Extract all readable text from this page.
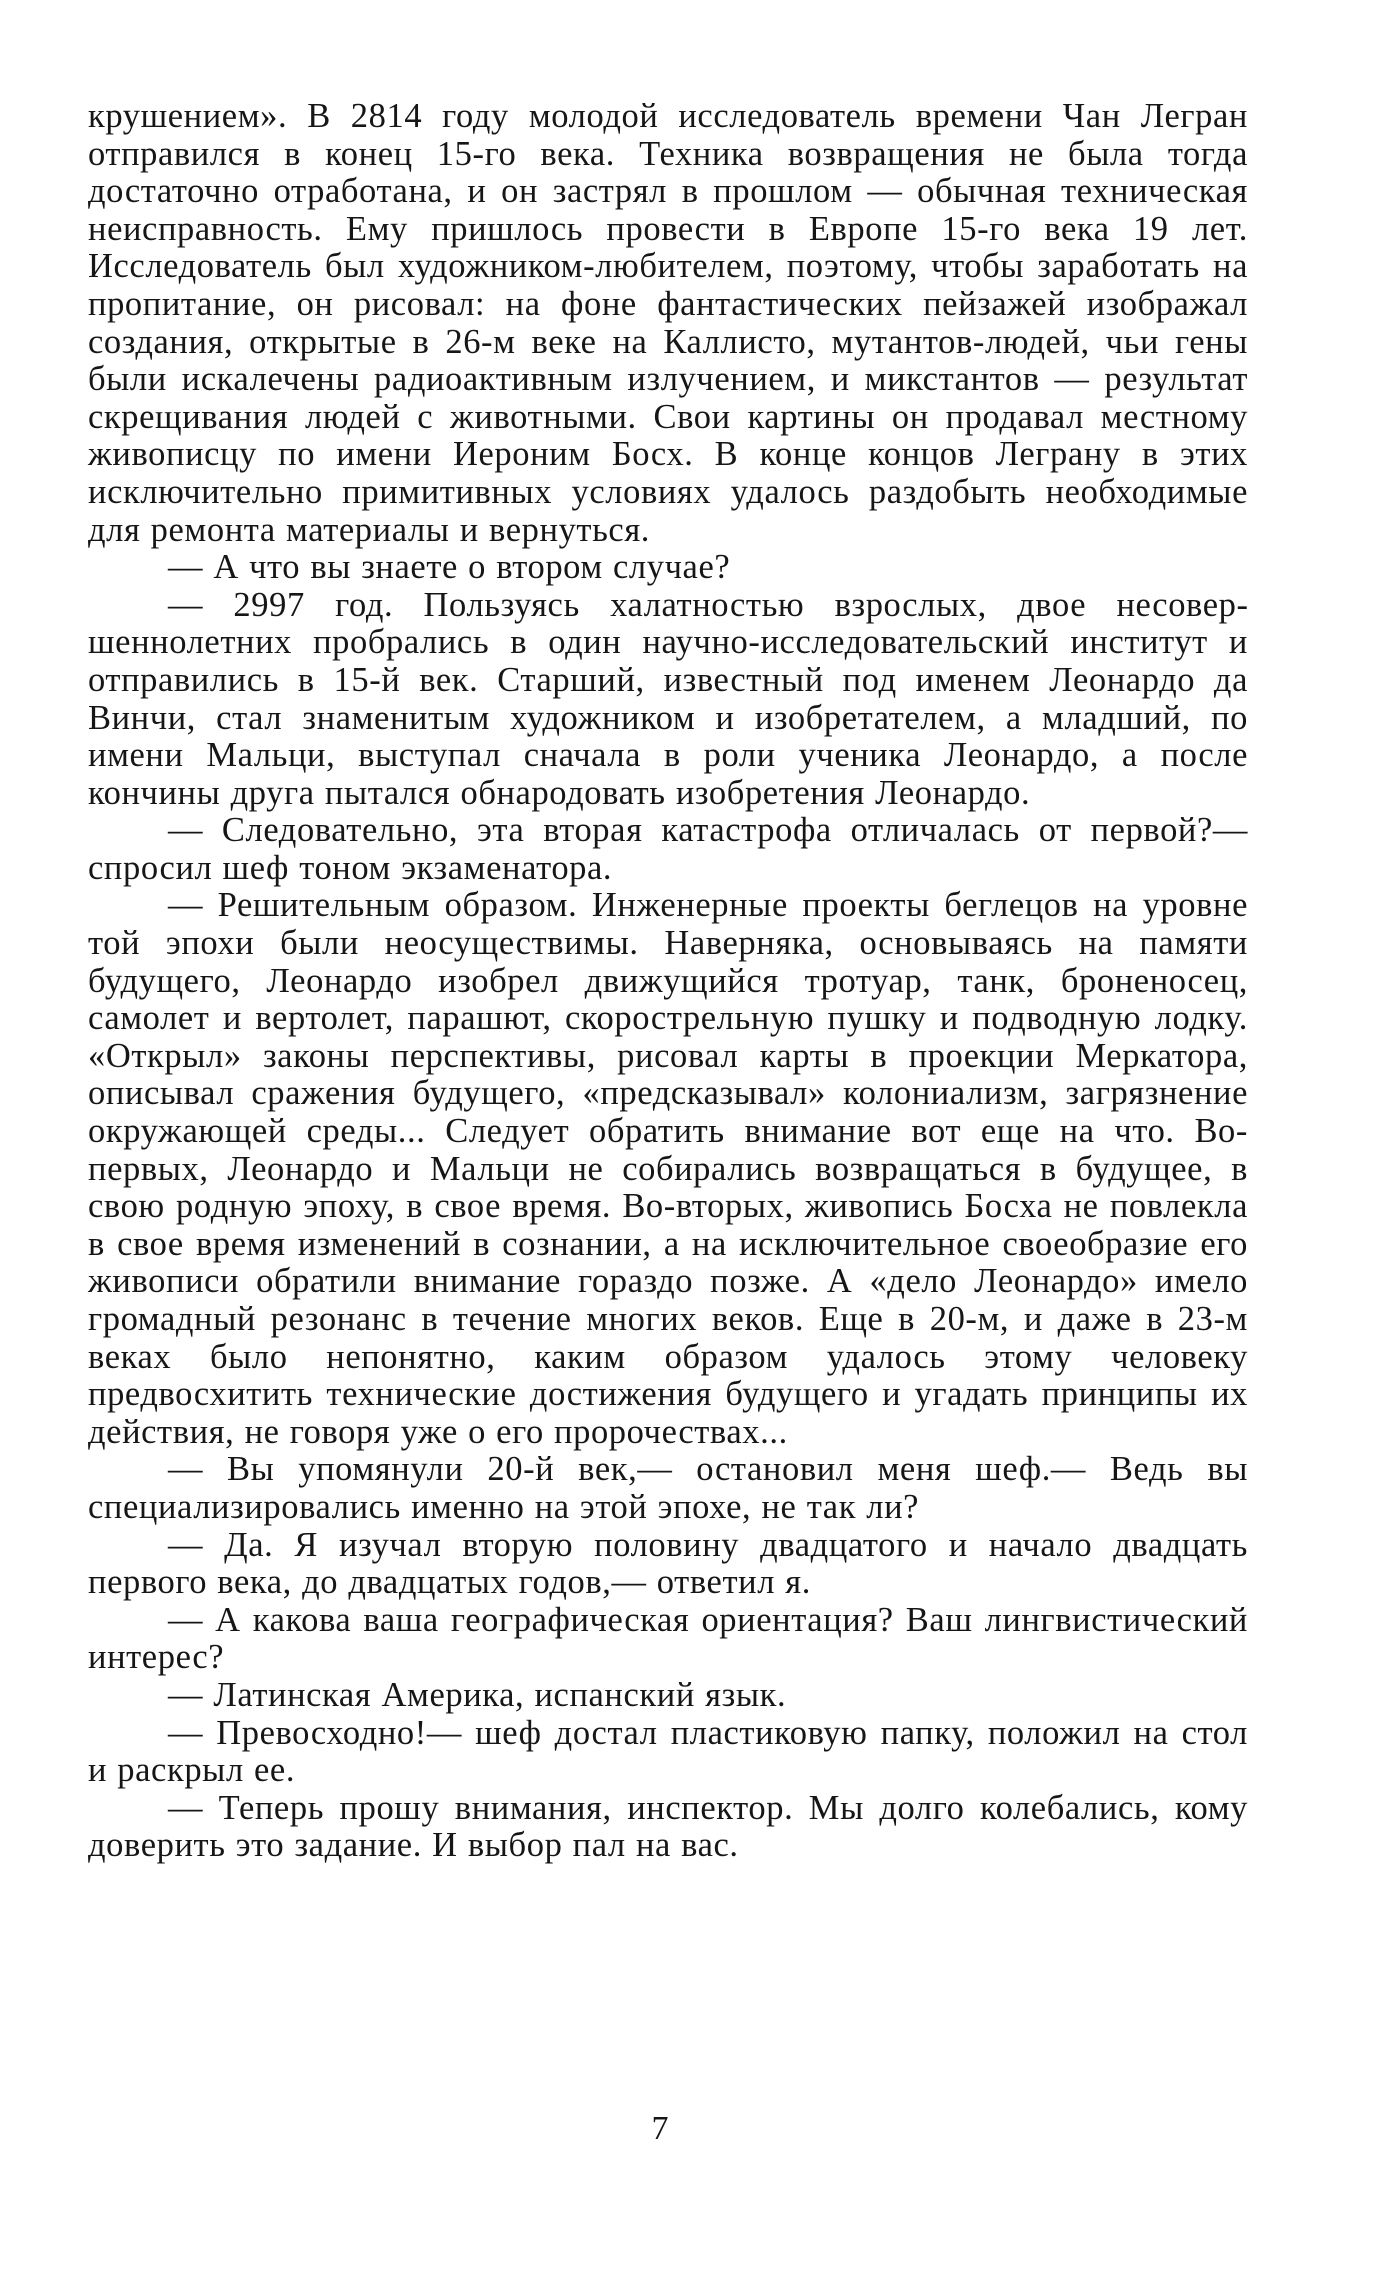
крушением». В 2814 году молодой исследователь времени Чан Легран отправился в конец 15-го века. Техника возвращения не была тогда достаточно отработана, и он застрял в прошлом — обычная техническая неисправность. Ему пришлось провести в Европе 15-го века 19 лет. Исследователь был художником-любителем, поэтому, чтобы заработать на пропитание, он рисовал: на фоне фантастических пейзажей изображал создания, открытые в 26-м веке на Каллисто, мутантов-людей, чьи гены были искалечены радиоактивным излучением, и микстантов — результат скрещивания людей с животными. Свои картины он продавал местному живописцу по имени Иероним Босх. В конце концов Леграну в этих исключительно примитивных условиях удалось раздобыть необходимые для ремонта материалы и вернуться.

— А что вы знаете о втором случае?

— 2997 год. Пользуясь халатностью взрослых, двое несовершеннолетних пробрались в один научно-исследовательский институт и отправились в 15-й век. Старший, известный под именем Леонардо да Винчи, стал знаменитым художником и изобретателем, а младший, по имени Мальци, выступал сначала в роли ученика Леонардо, а после кончины друга пытался обнародовать изобретения Леонардо.

— Следовательно, эта вторая катастрофа отличалась от первой?— спросил шеф тоном экзаменатора.

— Решительным образом. Инженерные проекты беглецов на уровне той эпохи были неосуществимы. Наверняка, основываясь на памяти будущего, Леонардо изобрел движущийся тротуар, танк, броненосец, самолет и вертолет, парашют, скорострельную пушку и подводную лодку. «Открыл» законы перспективы, рисовал карты в проекции Меркатора, описывал сражения будущего, «предсказывал» колониализм, загрязнение окружающей среды... Следует обратить внимание вот еще на что. Во-первых, Леонардо и Мальци не собирались возвращаться в будущее, в свою родную эпоху, в свое время. Во-вторых, живопись Босха не повлекла в свое время изменений в сознании, а на исключительное своеобразие его живописи обратили внимание гораздо позже. А «дело Леонардо» имело громадный резонанс в течение многих веков. Еще в 20-м, и даже в 23-м веках было непонятно, каким образом удалось этому человеку предвосхитить технические достижения будущего и угадать принципы их действия, не говоря уже о его пророчествах...

— Вы упомянули 20-й век,— остановил меня шеф.— Ведь вы специализировались именно на этой эпохе, не так ли?

— Да. Я изучал вторую половину двадцатого и начало двадцать первого века, до двадцатых годов,— ответил я.

— А какова ваша географическая ориентация? Ваш лингвистический интерес?

— Латинская Америка, испанский язык.

— Превосходно!— шеф достал пластиковую папку, положил на стол и раскрыл ее.

— Теперь прошу внимания, инспектор. Мы долго колебались, кому доверить это задание. И выбор пал на вас.

7
